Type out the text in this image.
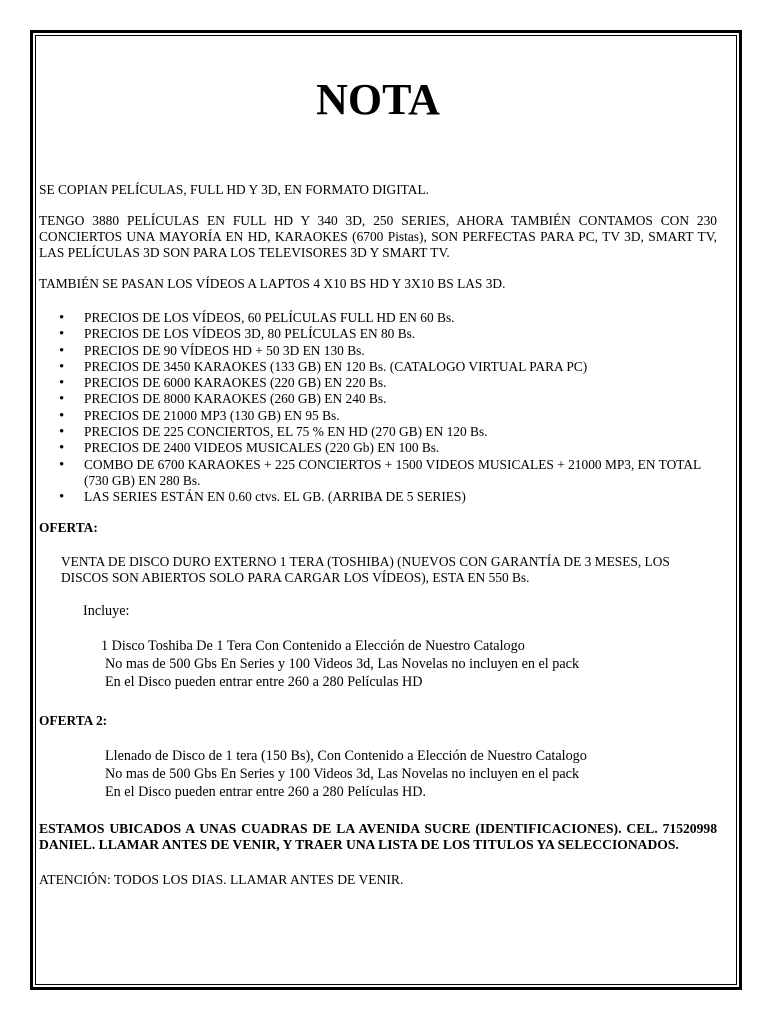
NOTA

SE COPIAN PELÍCULAS, FULL HD Y 3D, EN FORMATO DIGITAL.

TENGO 3880 PELÍCULAS EN FULL HD Y 340 3D, 250 SERIES, AHORA TAMBIÉN CONTAMOS CON 230 CONCIERTOS UNA MAYORÍA EN HD, KARAOKES (6700 Pistas), SON PERFECTAS PARA PC, TV 3D, SMART TV, LAS PELÍCULAS 3D SON PARA LOS TELEVISORES 3D Y SMART TV.

TAMBIÉN SE PASAN LOS VÍDEOS A LAPTOS 4 X10 BS HD Y 3X10 BS LAS 3D.

• PRECIOS DE LOS VÍDEOS, 60 PELÍCULAS FULL HD EN 60 Bs.
• PRECIOS DE LOS VÍDEOS 3D, 80 PELÍCULAS EN 80 Bs.
• PRECIOS DE 90 VÍDEOS HD + 50 3D EN 130 Bs.
• PRECIOS DE 3450 KARAOKES (133 GB) EN 120 Bs. (CATALOGO VIRTUAL PARA PC)
• PRECIOS DE 6000 KARAOKES (220 GB) EN 220 Bs.
• PRECIOS DE 8000 KARAOKES (260 GB) EN 240 Bs.
• PRECIOS DE 21000 MP3 (130 GB) EN 95 Bs.
• PRECIOS DE 225 CONCIERTOS, EL 75 % EN HD (270 GB) EN 120 Bs.
• PRECIOS DE 2400 VIDEOS MUSICALES (220 Gb) EN 100 Bs.
• COMBO DE 6700 KARAOKES + 225 CONCIERTOS + 1500 VIDEOS MUSICALES + 21000 MP3, EN TOTAL (730 GB) EN 280 Bs.
• LAS SERIES ESTÁN EN 0.60 ctvs. EL GB. (ARRIBA DE 5 SERIES)
OFERTA:
VENTA DE DISCO DURO EXTERNO 1 TERA (TOSHIBA) (NUEVOS CON GARANTÍA DE 3 MESES, LOS DISCOS SON ABIERTOS SOLO PARA CARGAR LOS VÍDEOS), ESTA EN 550 Bs.
Incluye:
1 Disco Toshiba De 1 Tera Con Contenido a Elección de Nuestro Catalogo
No mas de 500 Gbs En Series y 100 Videos 3d, Las Novelas no incluyen en el pack
En el Disco pueden entrar entre 260 a 280 Películas HD
OFERTA 2:
Llenado de Disco de 1 tera (150 Bs), Con Contenido a Elección de Nuestro Catalogo
No mas de 500 Gbs En Series y 100 Videos 3d, Las Novelas no incluyen en el pack
En el Disco pueden entrar entre 260 a 280 Películas HD.

ESTAMOS UBICADOS A UNAS CUADRAS DE LA AVENIDA SUCRE (IDENTIFICACIONES). CEL. 71520998 DANIEL. LLAMAR ANTES DE VENIR, Y TRAER UNA LISTA DE LOS TITULOS YA SELECCIONADOS.

ATENCIÓN: TODOS LOS DIAS. LLAMAR ANTES DE VENIR.
